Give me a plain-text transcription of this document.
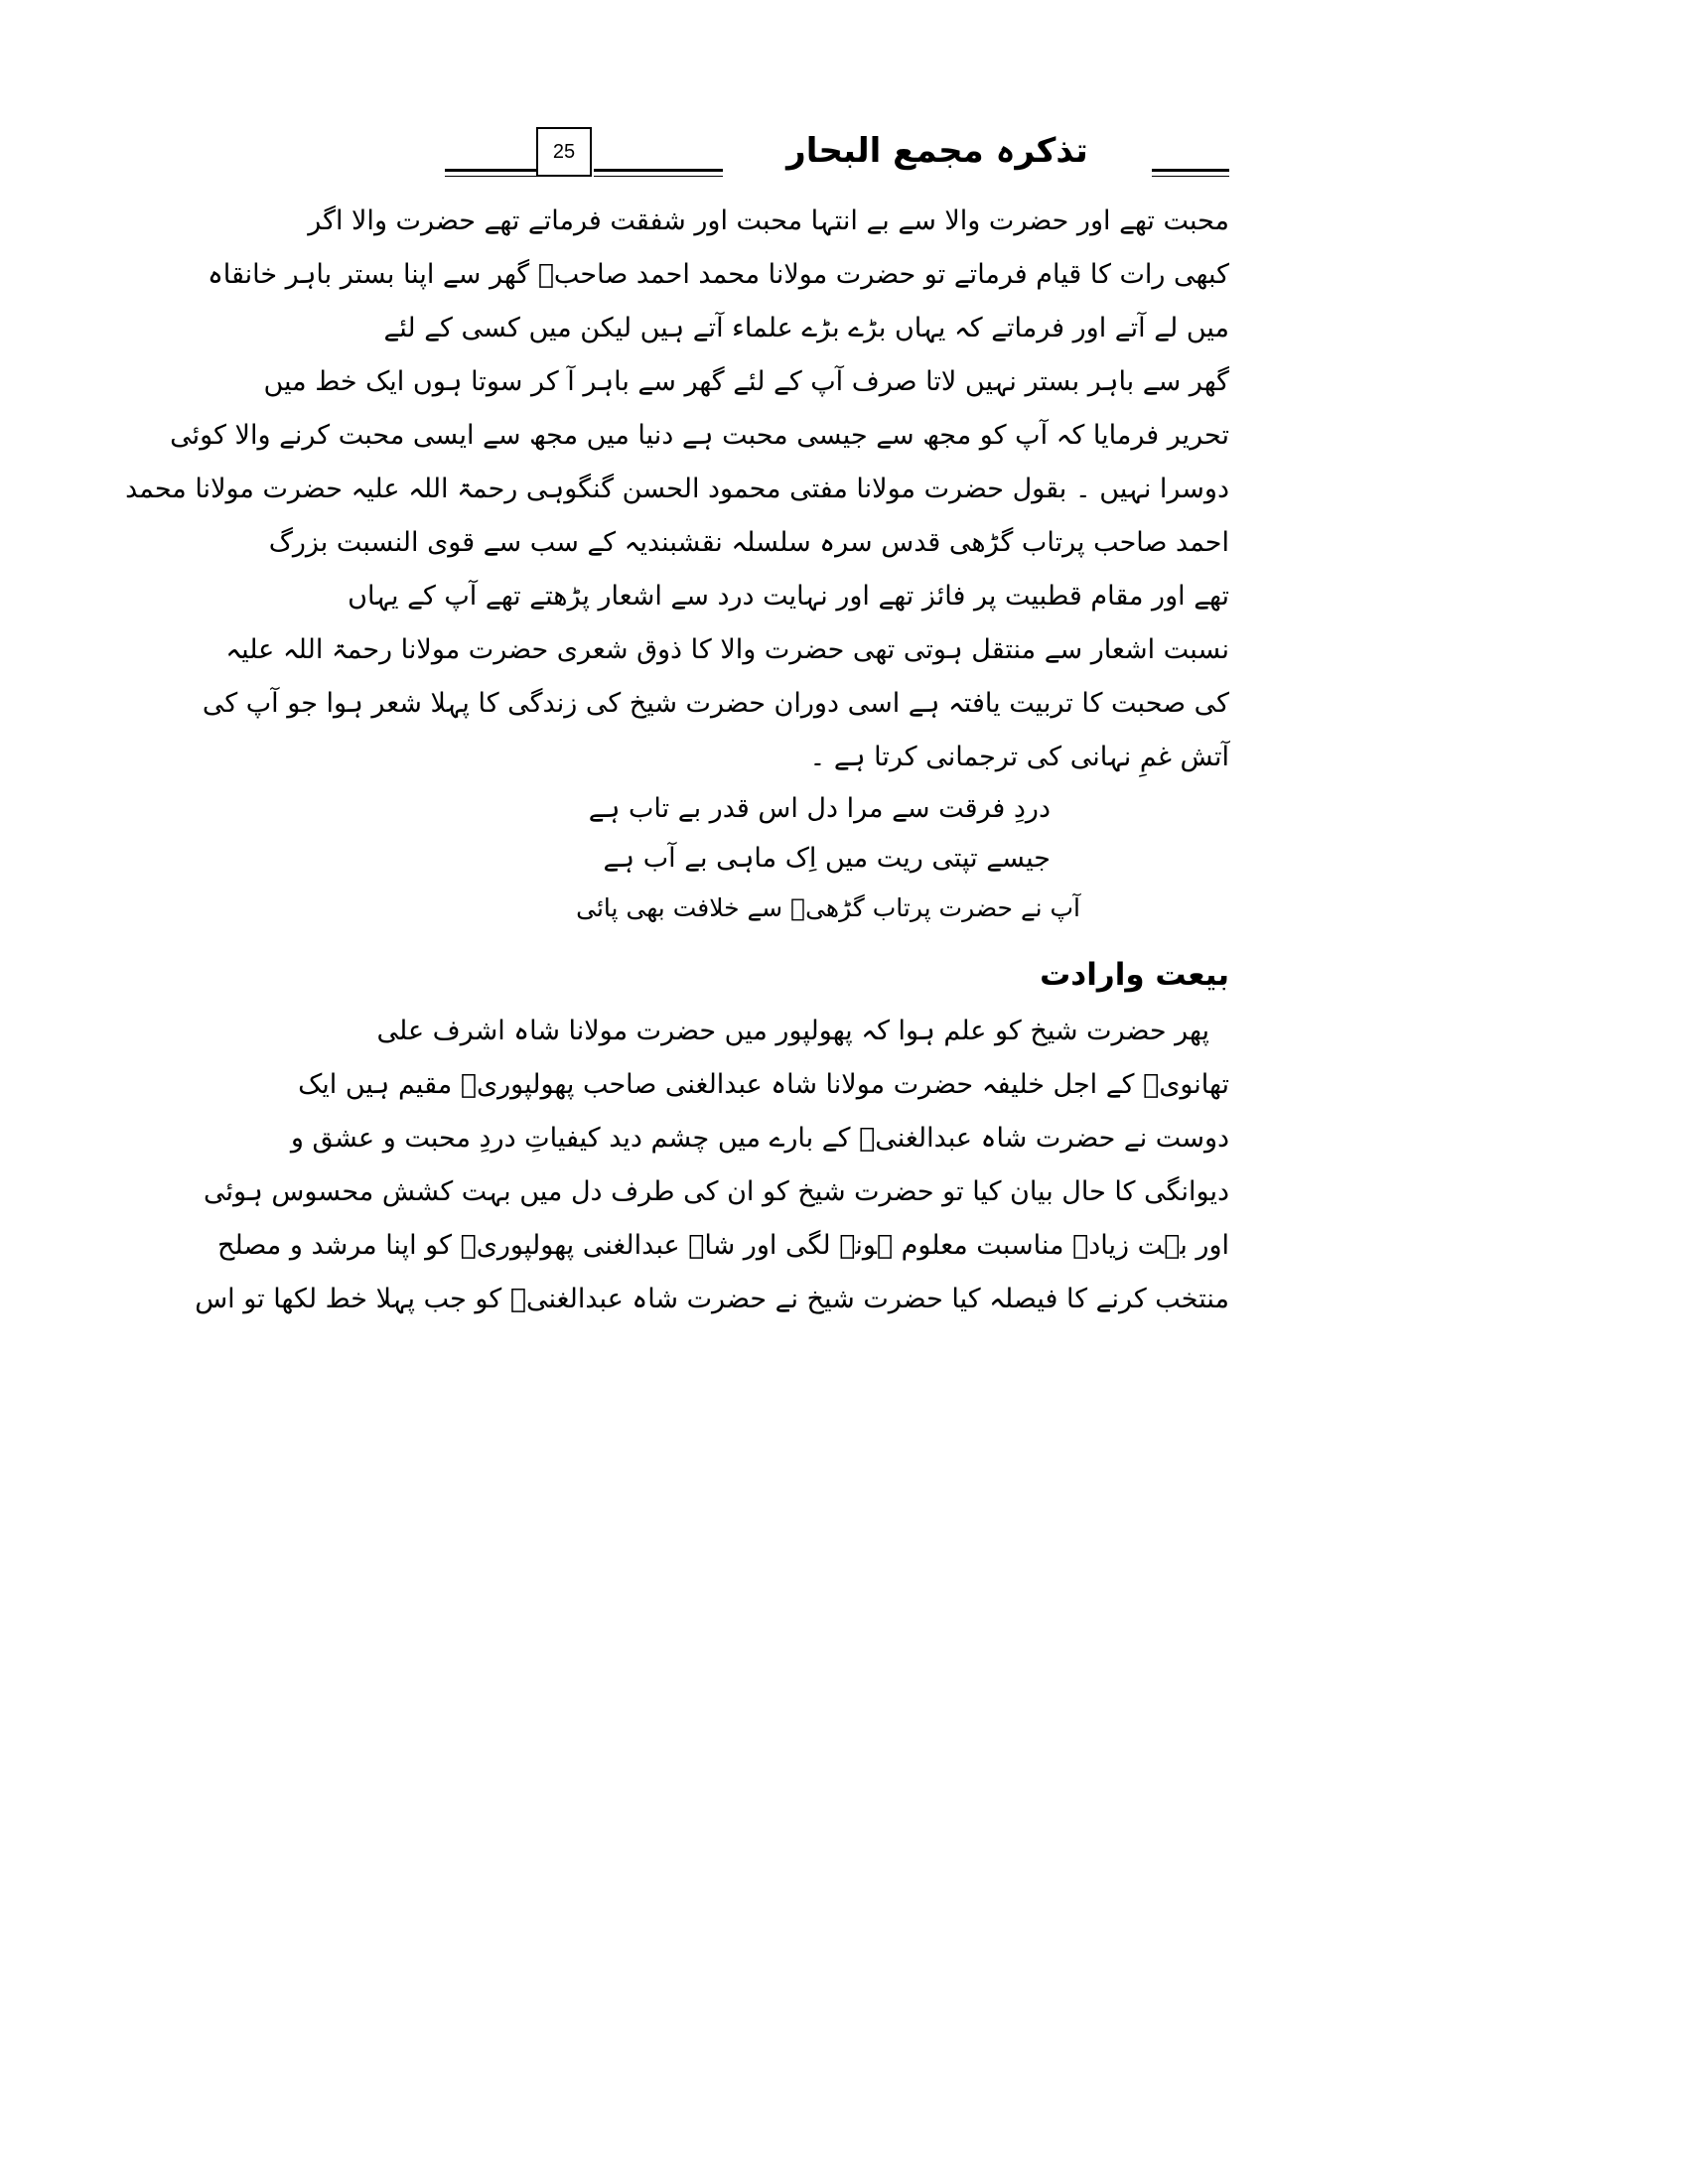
25	تذکرہ مجمع البحار
محبت تھے اور حضرت والا سے بے انتہا محبت اور شفقت فرماتے تھے حضرت والا اگر
کبھی رات کا قیام فرماتے تو حضرت مولانا محمد احمد صاحبؒ گھر سے اپنا بستر باہر خانقاہ
میں لے آتے اور فرماتے کہ یہاں بڑے بڑے علماء آتے ہیں لیکن میں کسی کے لئے
گھر سے باہر بستر نہیں لاتا صرف آپ کے لئے گھر سے باہر آ کر سوتا ہوں ایک خط میں
تحریر فرمایا کہ آپ کو مجھ سے جیسی محبت ہے دنیا میں مجھ سے ایسی محبت کرنے والا کوئی
دوسرا نہیں ۔ بقول حضرت مولانا مفتی محمود الحسن گنگوہی رحمۃ اللہ علیہ حضرت مولانا محمد
احمد صاحب پرتاب گڑھی قدس سرہ سلسلہ نقشبندیہ کے سب سے قوی النسبت بزرگ
تھے اور مقام قطبیت پر فائز تھے اور نہایت درد سے اشعار پڑھتے تھے آپ کے یہاں
نسبت اشعار سے منتقل ہوتی تھی حضرت والا کا ذوق شعری حضرت مولانا رحمۃ اللہ علیہ
کی صحبت کا تربیت یافتہ ہے اسی دوران حضرت شیخ کی زندگی کا پہلا شعر ہوا جو آپ کی
آتش غمِ نہانی کی ترجمانی کرتا ہے ۔
دردِ فرقت سے مرا دل اس قدر بے تاب ہے
جیسے تپتی ریت میں اِک ماہی بے آب ہے
آپ نے حضرت پرتاب گڑھیؒ سے خلافت بھی پائی
بیعت وارادت
پھر حضرت شیخ کو علم ہوا کہ پھولپور میں حضرت مولانا شاہ اشرف علی
تھانویؒ کے اجل خلیفہ حضرت مولانا شاہ عبدالغنی صاحب پھولپوریؒ مقیم ہیں ایک
دوست نے حضرت شاہ عبدالغنیؒ کے بارے میں چشم دید کیفیاتِ دردِ محبت و عشق و
دیوانگی کا حال بیان کیا تو حضرت شیخ کو ان کی طرف دل میں بہت کشش محسوس ہوئی
اور بہت زیادہ مناسبت معلوم ہونے لگی اور شاہ عبدالغنی پھولپوریؒ کو اپنا مرشد و مصلح
منتخب کرنے کا فیصلہ کیا حضرت شیخ نے حضرت شاہ عبدالغنیؒ کو جب پہلا خط لکھا تو اس
